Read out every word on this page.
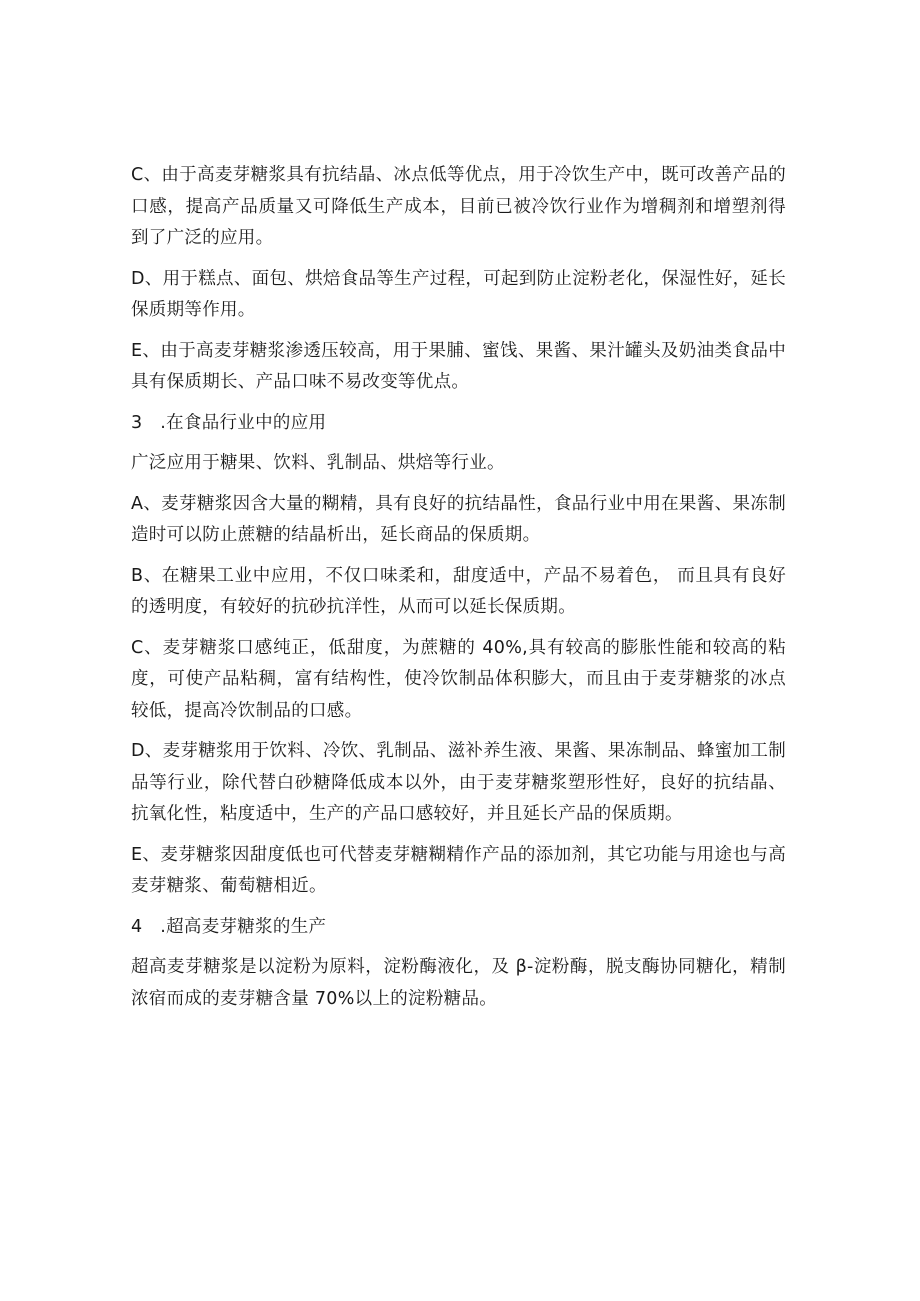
C、由于高麦芽糖浆具有抗结晶、冰点低等优点，用于冷饮生产中，既可改善产品的口感，提高产品质量又可降低生产成本，目前已被冷饮行业作为增稠剂和增塑剂得到了广泛的应用。

D、用于糕点、面包、烘焙食品等生产过程，可起到防止淀粉老化，保湿性好，延长保质期等作用。

E、由于高麦芽糖浆渗透压较高，用于果脯、蜜饯、果酱、果汁罐头及奶油类食品中具有保质期长、产品口味不易改变等优点。

3　.在食品行业中的应用

广泛应用于糖果、饮料、乳制品、烘焙等行业。

A、麦芽糖浆因含大量的糊精，具有良好的抗结晶性，食品行业中用在果酱、果冻制造时可以防止蔗糖的结晶析出，延长商品的保质期。

B、在糖果工业中应用，不仅口味柔和，甜度适中，产品不易着色， 而且具有良好的透明度，有较好的抗砂抗洋性，从而可以延长保质期。

C、麦芽糖浆口感纯正，低甜度，为蔗糖的 40%,具有较高的膨胀性能和较高的粘度，可使产品粘稠，富有结构性，使冷饮制品体积膨大，而且由于麦芽糖浆的冰点较低，提高冷饮制品的口感。

D、麦芽糖浆用于饮料、冷饮、乳制品、滋补养生液、果酱、果冻制品、蜂蜜加工制品等行业，除代替白砂糖降低成本以外，由于麦芽糖浆塑形性好，良好的抗结晶、抗氧化性，粘度适中，生产的产品口感较好，并且延长产品的保质期。

E、麦芽糖浆因甜度低也可代替麦芽糖糊精作产品的添加剂，其它功能与用途也与高麦芽糖浆、葡萄糖相近。

4　.超高麦芽糖浆的生产

超高麦芽糖浆是以淀粉为原料，淀粉酶液化，及 β-淀粉酶，脱支酶协同糖化，精制浓宿而成的麦芽糖含量 70%以上的淀粉糖品。
